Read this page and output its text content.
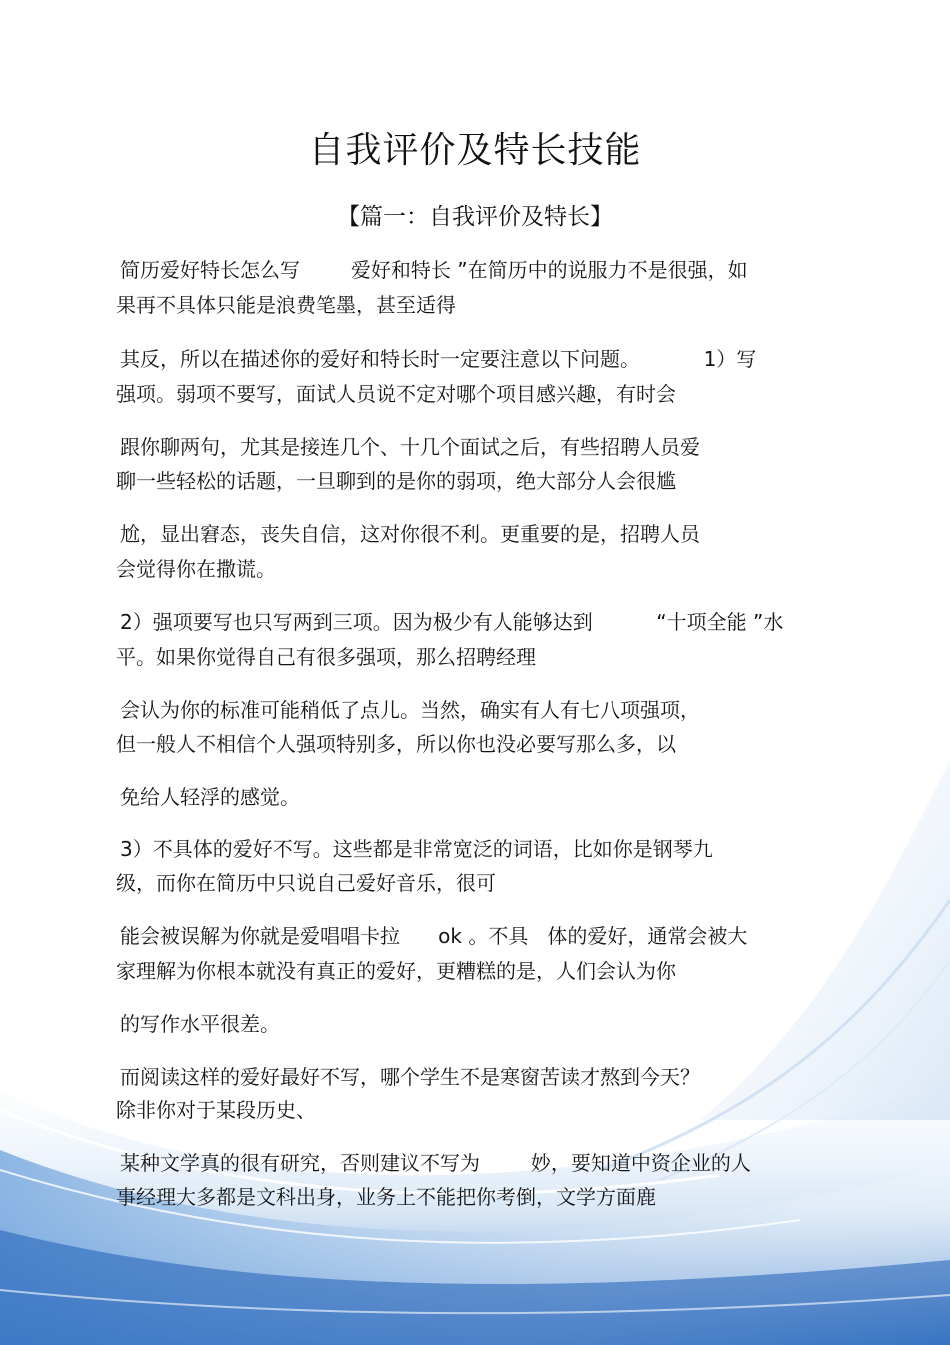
自我评价及特长技能
【篇一：自我评价及特长】
简历爱好特长怎么写        爱好和特长 ”在简历中的说服力不是很强，如
果再不具体只能是浪费笔墨，甚至适得
其反，所以在描述你的爱好和特长时一定要注意以下问题。          1）写
强项。弱项不要写，面试人员说不定对哪个项目感兴趣，有时会
跟你聊两句，尤其是接连几个、十几个面试之后，有些招聘人员爱
聊一些轻松的话题，一旦聊到的是你的弱项，绝大部分人会很尴
尬，显出窘态，丧失自信，这对你很不利。更重要的是，招聘人员
会觉得你在撒谎。
2）强项要写也只写两到三项。因为极少有人能够达到          “十项全能 ”水
平。如果你觉得自己有很多强项，那么招聘经理
会认为你的标准可能稍低了点儿。当然，确实有人有七八项强项，
但一般人不相信个人强项特别多，所以你也没必要写那么多，以
免给人轻浮的感觉。
3）不具体的爱好不写。这些都是非常宽泛的词语，比如你是钢琴九
级，而你在简历中只说自己爱好音乐，很可
能会被误解为你就是爱唱唱卡拉      ok 。不具   体的爱好，通常会被大
家理解为你根本就没有真正的爱好，更糟糕的是，人们会认为你
的写作水平很差。
而阅读这样的爱好最好不写，哪个学生不是寒窗苦读才熬到今天？
除非你对于某段历史、
某种文学真的很有研究，否则建议不写为        妙，要知道中资企业的人
事经理大多都是文科出身，业务上不能把你考倒，文学方面鹿
